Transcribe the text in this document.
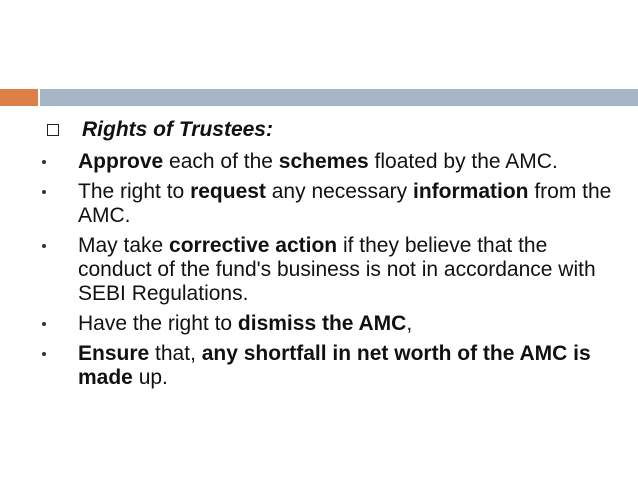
Rights of Trustees:
Approve each of the schemes floated by the AMC.
The right to request any necessary information from the AMC.
May take corrective action if they believe that the conduct of the fund's business is not in accordance with SEBI Regulations.
Have the right to dismiss the AMC,
Ensure that, any shortfall in net worth of the AMC is made up.
